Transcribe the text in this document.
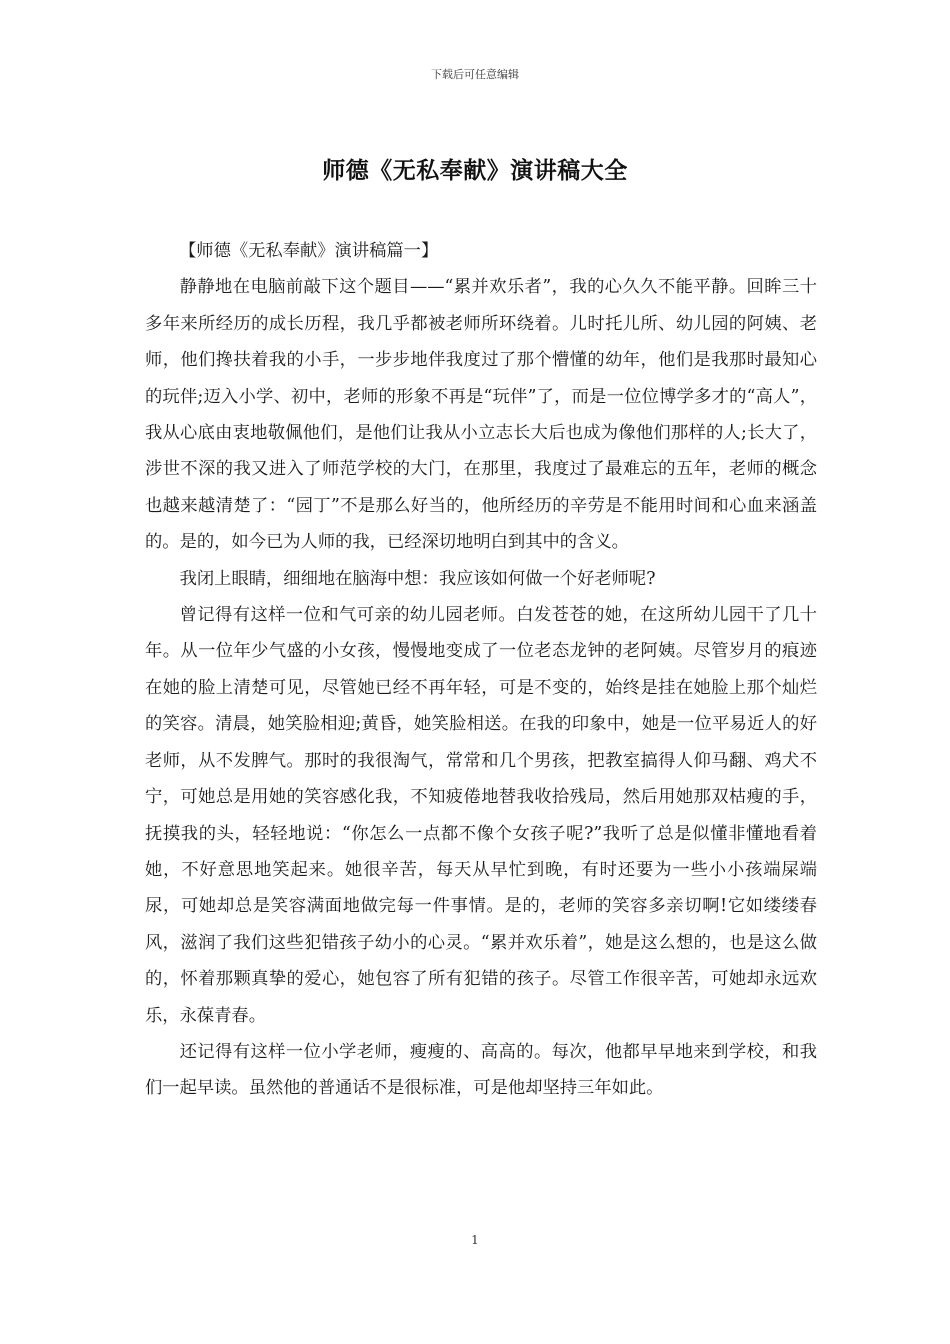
下载后可任意编辑
师德《无私奉献》演讲稿大全

【师德《无私奉献》演讲稿篇一】

静静地在电脑前敲下这个题目——“累并欢乐者”，我的心久久不能平静。回眸三十多年来所经历的成长历程，我几乎都被老师所环绕着。儿时托儿所、幼儿园的阿姨、老师，他们搀扶着我的小手，一步步地伴我度过了那个懵懂的幼年，他们是我那时最知心的玩伴;迈入小学、初中，老师的形象不再是“玩伴”了，而是一位位博学多才的“高人”，我从心底由衷地敬佩他们，是他们让我从小立志长大后也成为像他们那样的人;长大了，涉世不深的我又进入了师范学校的大门，在那里，我度过了最难忘的五年，老师的概念也越来越清楚了：“园丁”不是那么好当的，他所经历的辛劳是不能用时间和心血来涵盖的。是的，如今已为人师的我，已经深切地明白到其中的含义。

我闭上眼睛，细细地在脑海中想：我应该如何做一个好老师呢?

曾记得有这样一位和气可亲的幼儿园老师。白发苍苍的她，在这所幼儿园干了几十年。从一位年少气盛的小女孩，慢慢地变成了一位老态龙钟的老阿姨。尽管岁月的痕迹在她的脸上清楚可见，尽管她已经不再年轻，可是不变的，始终是挂在她脸上那个灿烂的笑容。清晨，她笑脸相迎;黄昏，她笑脸相送。在我的印象中，她是一位平易近人的好老师，从不发脾气。那时的我很淘气，常常和几个男孩，把教室搞得人仰马翻、鸡犬不宁，可她总是用她的笑容感化我，不知疲倦地替我收拾残局，然后用她那双枯瘦的手，抚摸我的头，轻轻地说：“你怎么一点都不像个女孩子呢?”我听了总是似懂非懂地看着她，不好意思地笑起来。她很辛苦，每天从早忙到晚，有时还要为一些小小孩端屎端尿，可她却总是笑容满面地做完每一件事情。是的，老师的笑容多亲切啊!它如缕缕春风，滋润了我们这些犯错孩子幼小的心灵。“累并欢乐着”，她是这么想的，也是这么做的，怀着那颗真挚的爱心，她包容了所有犯错的孩子。尽管工作很辛苦，可她却永远欢乐，永葆青春。

还记得有这样一位小学老师，瘦瘦的、高高的。每次，他都早早地来到学校，和我们一起早读。虽然他的普通话不是很标准，可是他却坚持三年如此。

1
